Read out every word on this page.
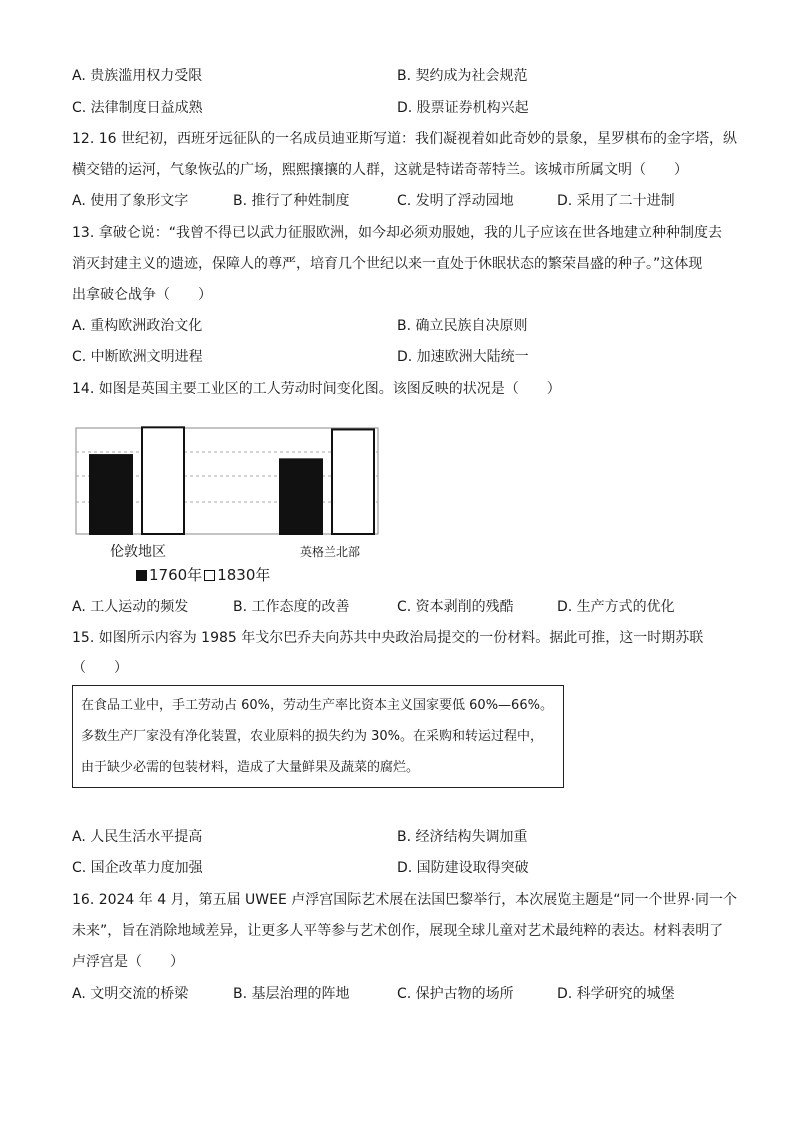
A. 贵族滥用权力受限	B. 契约成为社会规范
C. 法律制度日益成熟	D. 股票证券机构兴起
12. 16 世纪初，西班牙远征队的一名成员迪亚斯写道：我们凝视着如此奇妙的景象，星罗棋布的金字塔，纵
横交错的运河，气象恢弘的广场，熙熙攘攘的人群，这就是特诺奇蒂特兰。该城市所属文明（　　）
A. 使用了象形文字	B. 推行了种姓制度	C. 发明了浮动园地	D. 采用了二十进制
13. 拿破仑说：“我曾不得已以武力征服欧洲，如今却必须劝服她，我的儿子应该在世各地建立种种制度去
消灭封建主义的遗迹，保障人的尊严，培育几个世纪以来一直处于休眠状态的繁荣昌盛的种子。”这体现
出拿破仑战争（　　）
A. 重构欧洲政治文化	B. 确立民族自决原则
C. 中断欧洲文明进程	D. 加速欧洲大陆统一
14. 如图是英国主要工业区的工人劳动时间变化图。该图反映的状况是（　　）
伦敦地区	英格兰北部
1760年 1830年
A. 工人运动的频发	B. 工作态度的改善	C. 资本剥削的残酷	D. 生产方式的优化
15. 如图所示内容为 1985 年戈尔巴乔夫向苏共中央政治局提交的一份材料。据此可推，这一时期苏联
（　　）
在食品工业中，手工劳动占 60%，劳动生产率比资本主义国家要低 60%—66%。
多数生产厂家没有净化装置，农业原料的损失约为 30%。在采购和转运过程中，
由于缺少必需的包装材料，造成了大量鲜果及蔬菜的腐烂。
A. 人民生活水平提高	B. 经济结构失调加重
C. 国企改革力度加强	D. 国防建设取得突破
16. 2024 年 4 月，第五届 UWEE 卢浮宫国际艺术展在法国巴黎举行，本次展览主题是“同一个世界·同一个
未来”，旨在消除地域差异，让更多人平等参与艺术创作，展现全球儿童对艺术最纯粹的表达。材料表明了
卢浮宫是（　　）
A. 文明交流的桥梁	B. 基层治理的阵地	C. 保护古物的场所	D. 科学研究的城堡
